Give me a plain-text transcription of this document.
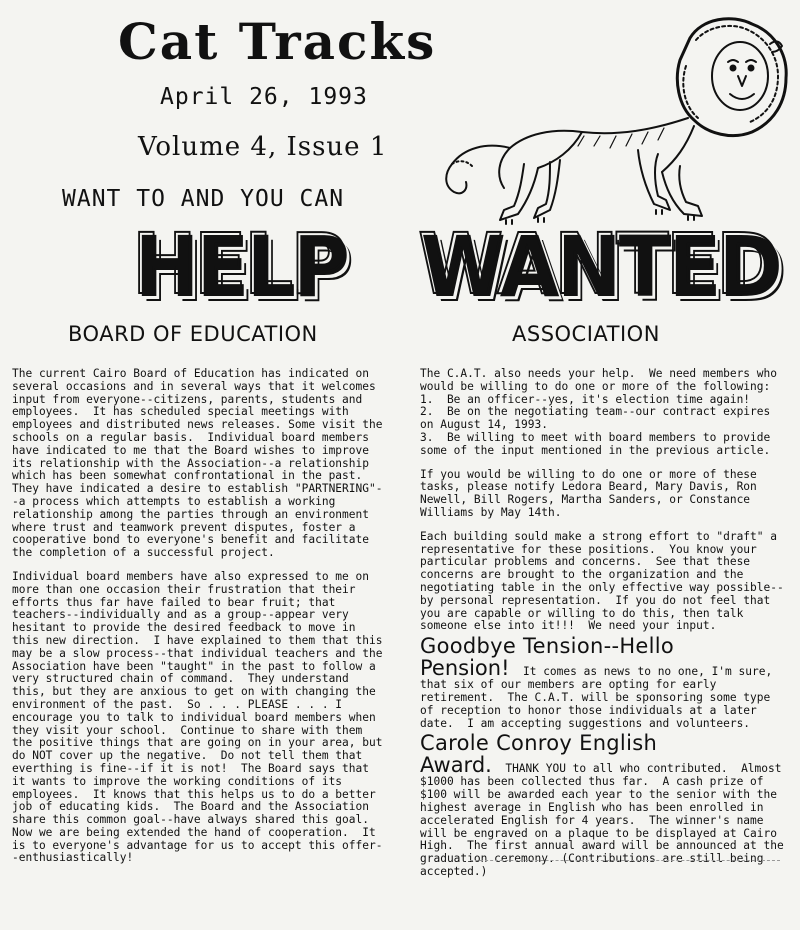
Cat Tracks
April 26, 1993
Volume 4, Issue 1
WANT TO AND YOU CAN
HELP WANTED
BOARD OF EDUCATION	ASSOCIATION

The current Cairo Board of Education has indicated on several occasions and in several ways that it welcomes input from everyone--citizens, parents, students and employees.  It has scheduled special meetings with employees and distributed news releases. Some visit the schools on a regular basis.  Individual board members have indicated to me that the Board wishes to improve its relationship with the Association--a relationship which has been somewhat confrontational in the past.  They have indicated a desire to establish "PARTNERING"--a process which attempts to establish a working relationship among the parties through an environment where trust and teamwork prevent disputes, foster a cooperative bond to everyone's benefit and facilitate the completion of a successful project.

Individual board members have also expressed to me on more than one occasion their frustration that their efforts thus far have failed to bear fruit; that teachers--individually and as a group--appear very hesitant to provide the desired feedback to move in this new direction.  I have explained to them that this may be a slow process--that individual teachers and the Association have been "taught" in the past to follow a very structured chain of command.  They understand this, but they are anxious to get on with changing the environment of the past.  So . . . PLEASE . . . I encourage you to talk to individual board members when they visit your school.  Continue to share with them the positive things that are going on in your area, but do NOT cover up the negative.  Do not tell them that everthing is fine--if it is not!  The Board says that it wants to improve the working conditions of its employees.  It knows that this helps us to do a better job of educating kids.  The Board and the Association share this common goal--have always shared this goal.  Now we are being extended the hand of cooperation.  It is to everyone's advantage for us to accept this offer--enthusiastically!

The C.A.T. also needs your help.  We need members who would be willing to do one or more of the following:
1.  Be an officer--yes, it's election time again!
2.  Be on the negotiating team--our contract expires on August 14, 1993.
3.  Be willing to meet with board members to provide some of the input mentioned in the previous article.

If you would be willing to do one or more of these tasks, please notify Ledora Beard, Mary Davis, Ron Newell, Bill Rogers, Martha Sanders, or Constance Williams by May 14th.

Each building sould make a strong effort to "draft" a representative for these positions.  You know your particular problems and concerns.  See that these concerns are brought to the organization and the negotiating table in the only effective way possible--by personal representation.  If you do not feel that you are capable or willing to do this, then talk someone else into it!!!  We need your input.

Goodbye Tension--Hello

Pension! It comes as news to no one, I'm sure, that six of our members are opting for early retirement.  The C.A.T. will be sponsoring some type of reception to honor those individuals at a later date.  I am accepting suggestions and volunteers.

Carole Conroy English

Award. THANK YOU to all who contributed.  Almost $1000 has been collected thus far.  A cash prize of $100 will be awarded each year to the senior with the highest average in English who has been enrolled in accelerated English for 4 years.  The winner's name will be engraved on a plaque to be displayed at Cairo High.  The first annual award will be announced at the graduation ceremony. (Contributions are still being accepted.)
